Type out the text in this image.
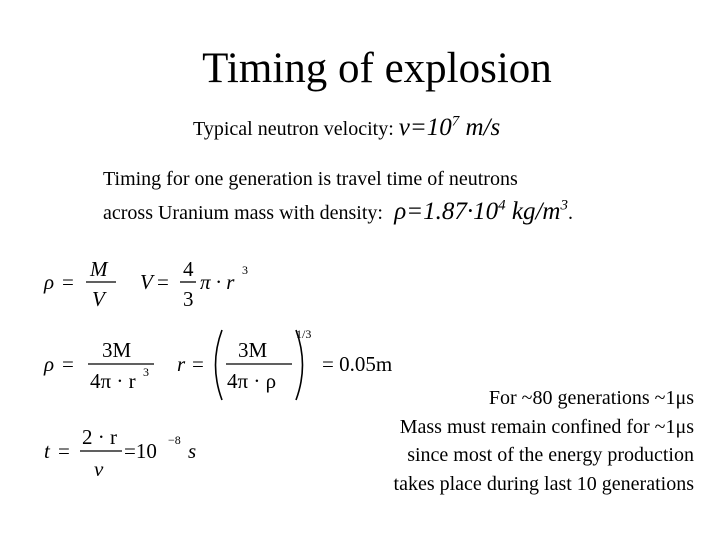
Timing of explosion
Typical neutron velocity: $v=10^7$ m/s
Timing for one generation is travel time of neutrons
across Uranium mass with density: $\rho=1.87\cdot 10^4$ $kg/m^3$.
ρ =
M
V
V =
4
3
π · r 3
ρ =
3M
4π · r 3 r =
3M
4π · ρ
1/3
= 0.05m
t =
2 · r
v
=10 −8 s
For ~80 generations ~1μs
Mass must remain confined for ~1μs
since most of the energy production
takes place during last 10 generations
